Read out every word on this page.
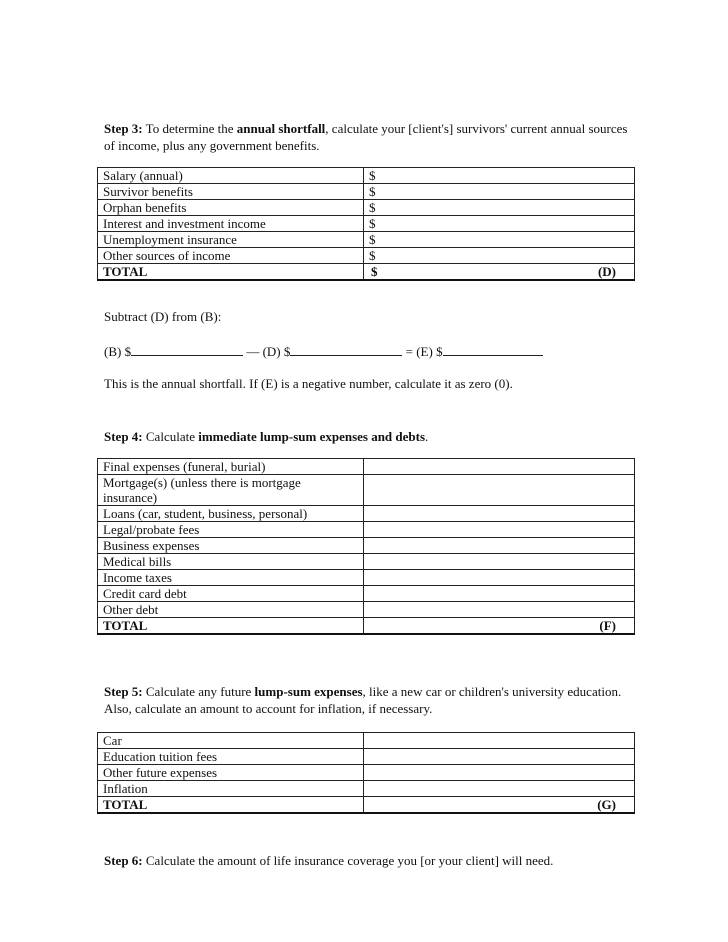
Step 3: To determine the annual shortfall, calculate your [client's] survivors' current annual sources of income, plus any government benefits.
Salary (annual)	$
Survivor benefits	$
Orphan benefits	$
Interest and investment income	$
Unemployment insurance	$
Other sources of income	$
TOTAL	$ (D)
Subtract (D) from (B):
(B) $	— (D) $	= (E) $
This is the annual shortfall. If (E) is a negative number, calculate it as zero (0).
Step 4: Calculate immediate lump-sum expenses and debts.
Final expenses (funeral, burial)	
Mortgage(s) (unless there is mortgage insurance)	
Loans (car, student, business, personal)	
Legal/probate fees	
Business expenses	
Medical bills	
Income taxes	
Credit card debt	
Other debt	
TOTAL	(F)
Step 5: Calculate any future lump-sum expenses, like a new car or children's university education. Also, calculate an amount to account for inflation, if necessary.
Car	
Education tuition fees	
Other future expenses	
Inflation	
TOTAL	(G)
Step 6: Calculate the amount of life insurance coverage you [or your client] will need.
